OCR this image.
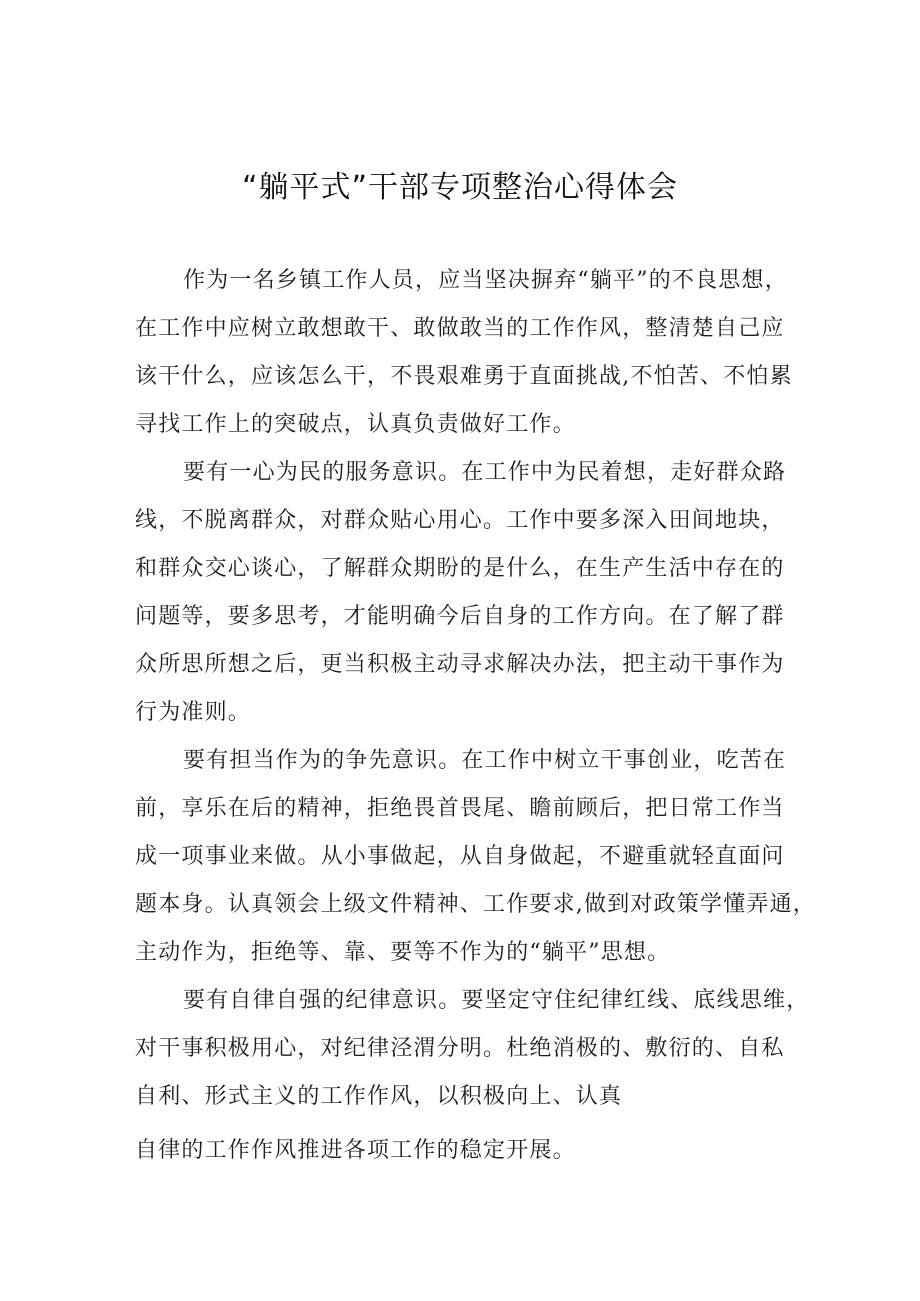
“躺平式”干部专项整治心得体会
作为一名乡镇工作人员，应当坚决摒弃“躺平”的不良思想，
在工作中应树立敢想敢干、敢做敢当的工作作风，整清楚自己应
该干什么，应该怎么干，不畏艰难勇于直面挑战,不怕苦、不怕累
寻找工作上的突破点，认真负责做好工作。
要有一心为民的服务意识。在工作中为民着想，走好群众路
线，不脱离群众，对群众贴心用心。工作中要多深入田间地块，
和群众交心谈心，了解群众期盼的是什么，在生产生活中存在的
问题等，要多思考，才能明确今后自身的工作方向。在了解了群
众所思所想之后，更当积极主动寻求解决办法，把主动干事作为
行为准则。
要有担当作为的争先意识。在工作中树立干事创业，吃苦在
前，享乐在后的精神，拒绝畏首畏尾、瞻前顾后，把日常工作当
成一项事业来做。从小事做起，从自身做起，不避重就轻直面问
题本身。认真领会上级文件精神、工作要求,做到对政策学懂弄通，
主动作为，拒绝等、靠、要等不作为的“躺平”思想。
要有自律自强的纪律意识。要坚定守住纪律红线、底线思维，
对干事积极用心，对纪律泾渭分明。杜绝消极的、敷衍的、自私
自利、形式主义的工作作风，以积极向上、认真
自律的工作作风推进各项工作的稳定开展。
